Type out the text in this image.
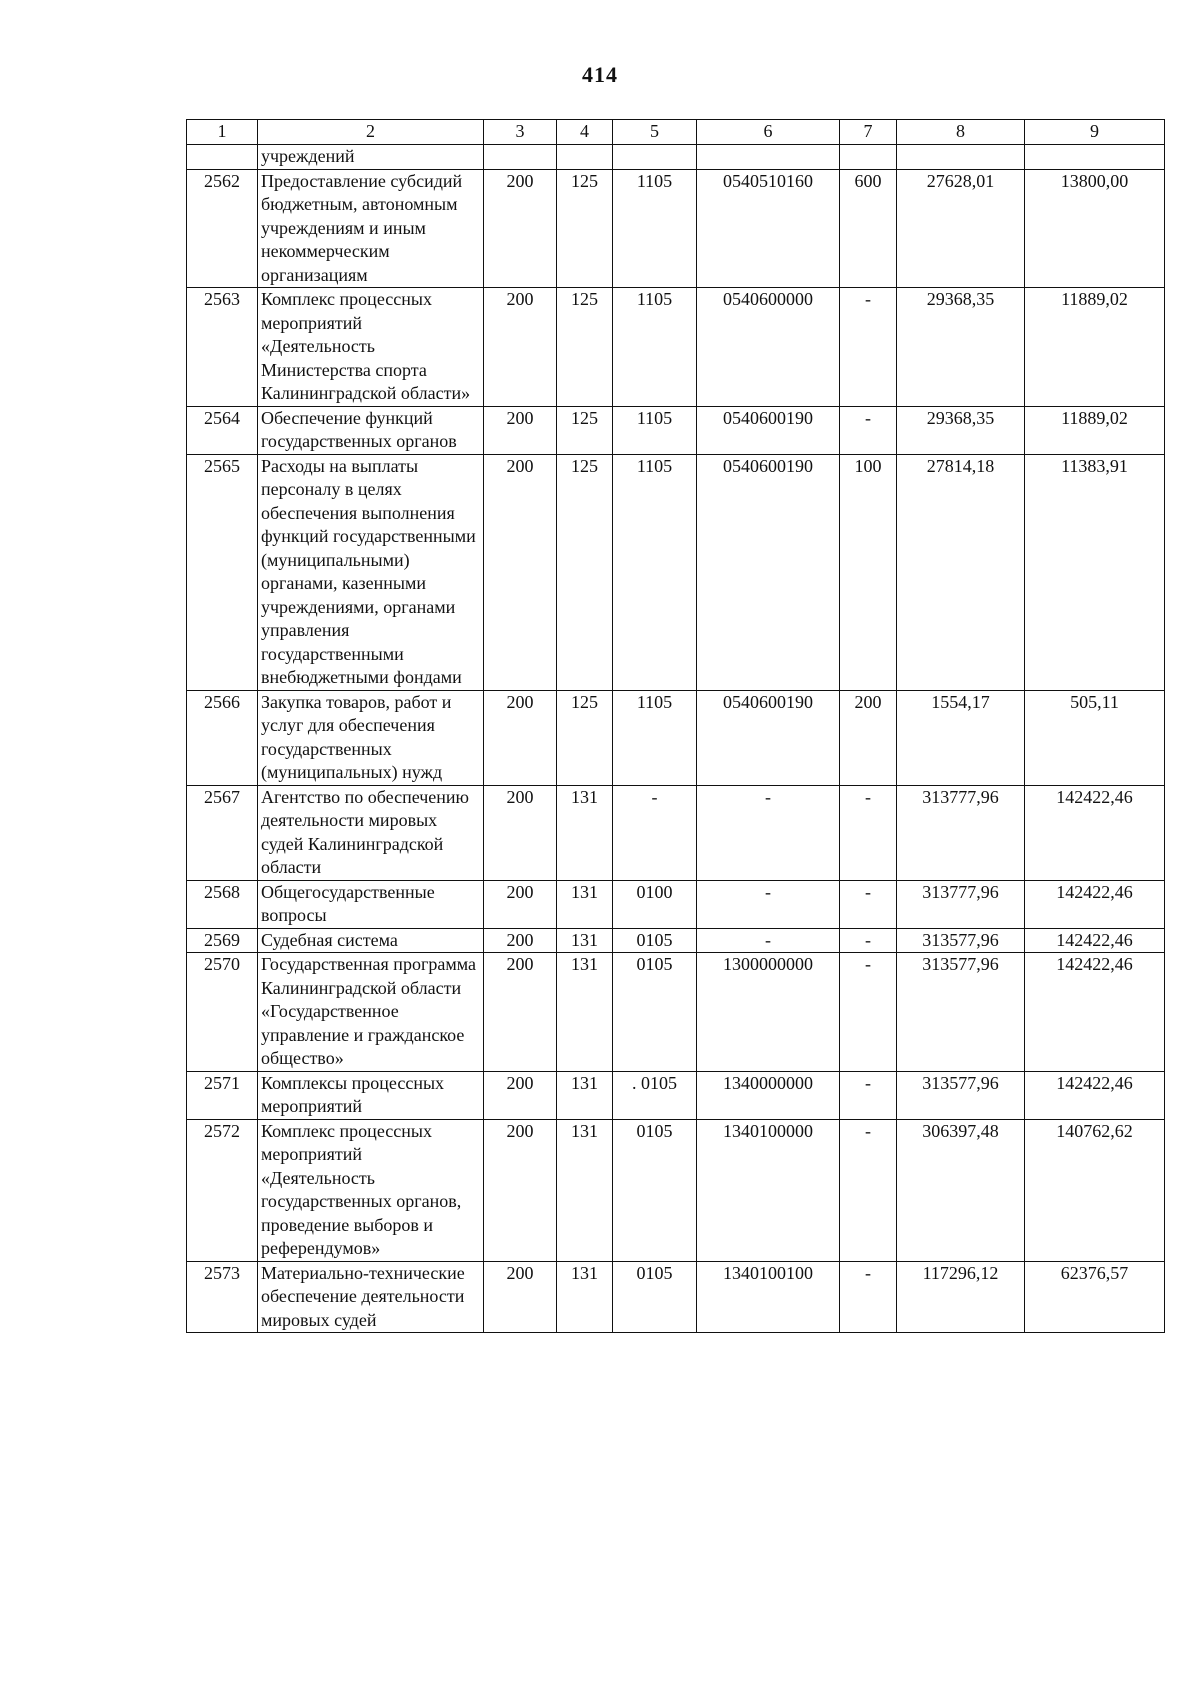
414
1	2	3	4	5	6	7	8	9
	учреждений							
2562	Предоставление субсидий бюджетным, автономным учреждениям и иным некоммерческим организациям	200	125	1105	0540510160	600	27628,01	13800,00
2563	Комплекс процессных мероприятий «Деятельность Министерства спорта Калининградской области»	200	125	1105	0540600000	-	29368,35	11889,02
2564	Обеспечение функций государственных органов	200	125	1105	0540600190	-	29368,35	11889,02
2565	Расходы на выплаты персоналу в целях обеспечения выполнения функций государственными (муниципальными) органами, казенными учреждениями, органами управления государственными внебюджетными фондами	200	125	1105	0540600190	100	27814,18	11383,91
2566	Закупка товаров, работ и услуг для обеспечения государственных (муниципальных) нужд	200	125	1105	0540600190	200	1554,17	505,11
2567	Агентство по обеспечению деятельности мировых судей Калининградской области	200	131	-	-	-	313777,96	142422,46
2568	Общегосударственные вопросы	200	131	0100	-	-	313777,96	142422,46
2569	Судебная система	200	131	0105	-	-	313577,96	142422,46
2570	Государственная программа Калининградской области «Государственное управление и гражданское общество»	200	131	0105	1300000000	-	313577,96	142422,46
2571	Комплексы процессных мероприятий	200	131	. 0105	1340000000	-	313577,96	142422,46
2572	Комплекс процессных мероприятий «Деятельность государственных органов, проведение выборов и референдумов»	200	131	0105	1340100000	-	306397,48	140762,62
2573	Материально-технические обеспечение деятельности мировых судей	200	131	0105	1340100100	-	117296,12	62376,57
